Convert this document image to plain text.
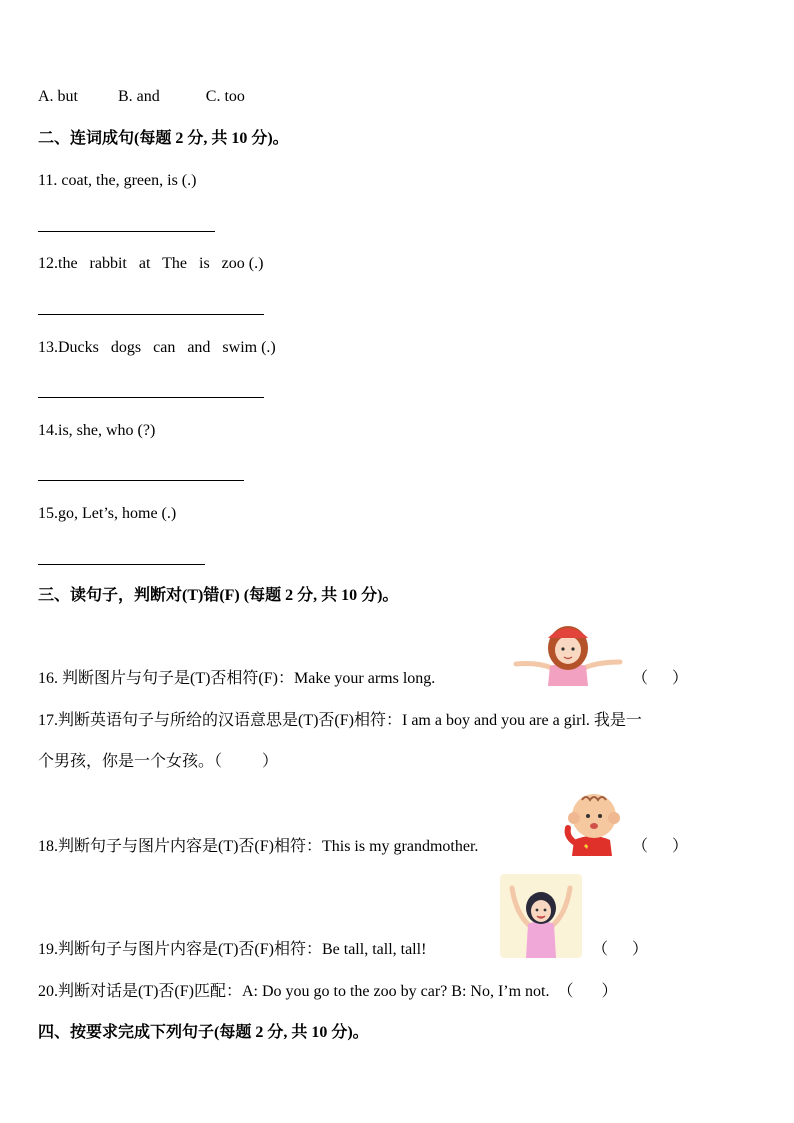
A. but	B. and	C. too
二、连词成句(每题 2 分, 共 10 分)。
11. coat, the, green, is (.)
12.the   rabbit   at   The   is   zoo (.)
13.Ducks   dogs   can   and   swim (.)
14.is, she, who (?)
15.go, Let’s, home (.)
三、读句子，判断对(T)错(F) (每题 2 分, 共 10 分)。
16. 判断图片与句子是(T)否相符(F)：Make your arms long.	（ ）
17.判断英语句子与所给的汉语意思是(T)否(F)相符：I am a boy and you are a girl. 我是一
个男孩，你是一个女孩。（	）
18.判断句子与图片内容是(T)否(F)相符：This is my grandmother.	（ ）
19.判断句子与图片内容是(T)否(F)相符：Be tall, tall, tall!	（ ）
20.判断对话是(T)否(F)匹配：A: Do you go to the zoo by car? B: No, I’m not. （ ）
四、按要求完成下列句子(每题 2 分, 共 10 分)。
